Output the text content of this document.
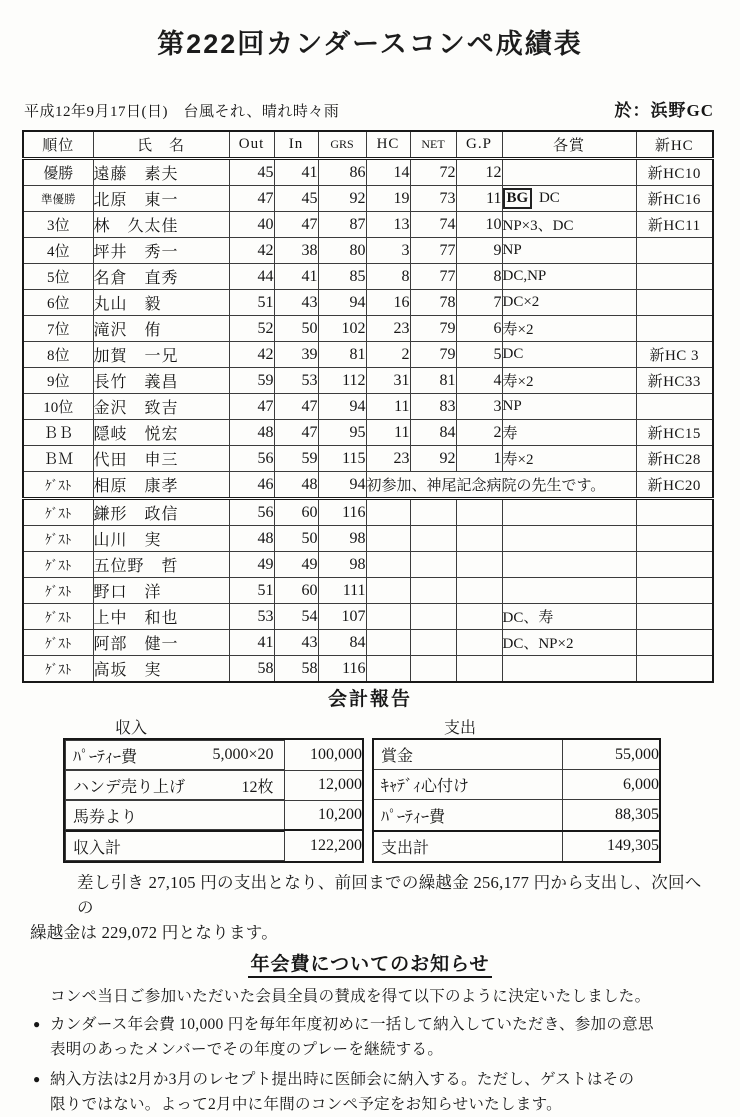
第222回カンダースコンペ成績表
平成12年9月17日(日)　台風それ、晴れ時々雨	於：浜野GC
順位	氏　名	Out	In	GRS	HC	NET	G.P	各賞	新HC
優勝	遠藤　素夫	45	41	86	14	72	12		新HC10
準優勝	北原　東一	47	45	92	19	73	11	BG DC	新HC16
3位	林　久太佳	40	47	87	13	74	10	NP×3、DC	新HC11
4位	坪井　秀一	42	38	80	3	77	9	NP	
5位	名倉　直秀	44	41	85	8	77	8	DC,NP	
6位	丸山　毅	51	43	94	16	78	7	DC×2	
7位	滝沢　侑	52	50	102	23	79	6	寿×2	
8位	加賀　一兄	42	39	81	2	79	5	DC	新HC 3
9位	長竹　義昌	59	53	112	31	81	4	寿×2	新HC33
10位	金沢　致吉	47	47	94	11	83	3	NP	
ＢＢ	隠岐　悦宏	48	47	95	11	84	2	寿	新HC15
ＢＭ	代田　申三	56	59	115	23	92	1	寿×2	新HC28
ｹﾞｽﾄ	相原　康孝	46	48	94	初参加、神尾記念病院の先生です。				新HC20
ｹﾞｽﾄ	鎌形　政信	56	60	116					
ｹﾞｽﾄ	山川　実	48	50	98					
ｹﾞｽﾄ	五位野　哲	49	49	98					
ｹﾞｽﾄ	野口　洋	51	60	111					
ｹﾞｽﾄ	上中　和也	53	54	107				DC、寿	
ｹﾞｽﾄ	阿部　健一	41	43	84				DC、NP×2	
ｹﾞｽﾄ	高坂　実	58	58	116					
会計報告
収入	支出
ﾊﾟｰﾃｨｰ費	5,000×20 100,000

ハンデ売り上げ	12枚	12,000

馬券より	10,200

収入計	122,200
賞金	55,000
ｷｬﾃﾞｨ心付け	6,000
ﾊﾟｰﾃｨｰ費	88,305
支出計	149,305
差し引き 27,105 円の支出となり、前回までの繰越金 256,177 円から支出し、次回への
繰越金は 229,072 円となります。
年会費についてのお知らせ
コンペ当日ご参加いただいた会員全員の賛成を得て以下のように決定いたしました。
● カンダース年会費 10,000 円を毎年年度初めに一括して納入していただき、参加の意思
表明のあったメンバーでその年度のプレーを継続する。
● 納入方法は2月か3月のレセプト提出時に医師会に納入する。ただし、ゲストはその
限りではない。よって2月中に年間のコンペ予定をお知らせいたします。
